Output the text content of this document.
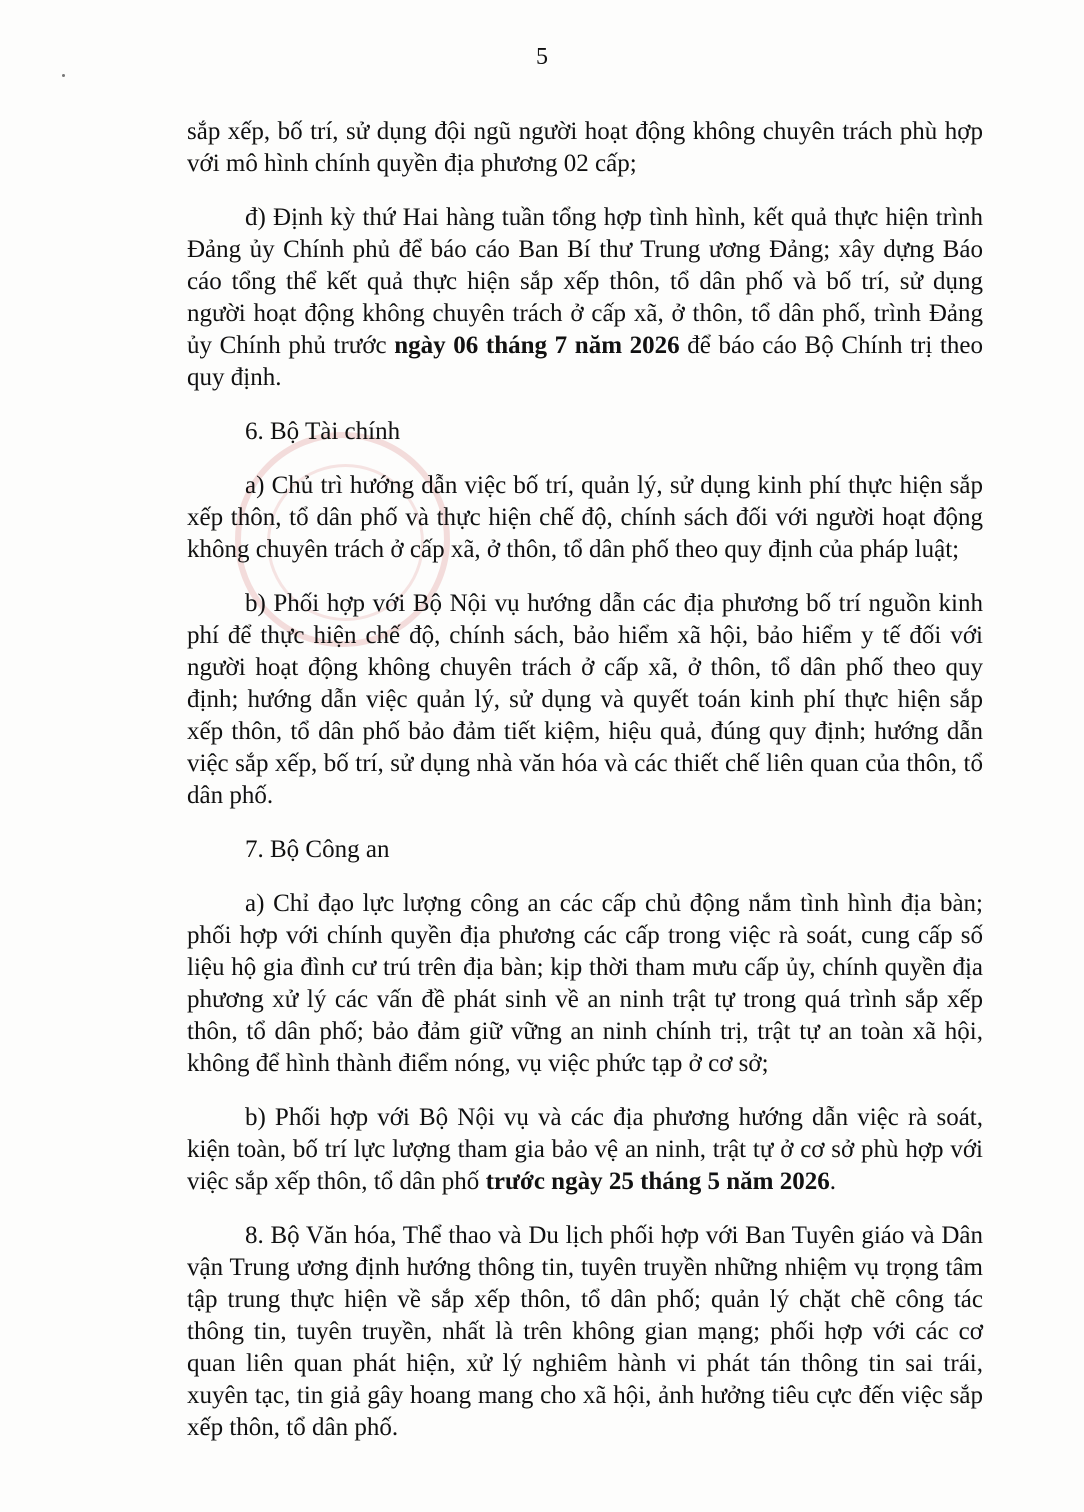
5

sắp xếp, bố trí, sử dụng đội ngũ người hoạt động không chuyên trách phù hợp với mô hình chính quyền địa phương 02 cấp;

đ) Định kỳ thứ Hai hàng tuần tổng hợp tình hình, kết quả thực hiện trình Đảng ủy Chính phủ để báo cáo Ban Bí thư Trung ương Đảng; xây dựng Báo cáo tổng thể kết quả thực hiện sắp xếp thôn, tổ dân phố và bố trí, sử dụng người hoạt động không chuyên trách ở cấp xã, ở thôn, tổ dân phố, trình Đảng ủy Chính phủ trước ngày 06 tháng 7 năm 2026 để báo cáo Bộ Chính trị theo quy định.

6. Bộ Tài chính

a) Chủ trì hướng dẫn việc bố trí, quản lý, sử dụng kinh phí thực hiện sắp xếp thôn, tổ dân phố và thực hiện chế độ, chính sách đối với người hoạt động không chuyên trách ở cấp xã, ở thôn, tổ dân phố theo quy định của pháp luật;

b) Phối hợp với Bộ Nội vụ hướng dẫn các địa phương bố trí nguồn kinh phí để thực hiện chế độ, chính sách, bảo hiểm xã hội, bảo hiểm y tế đối với người hoạt động không chuyên trách ở cấp xã, ở thôn, tổ dân phố theo quy định; hướng dẫn việc quản lý, sử dụng và quyết toán kinh phí thực hiện sắp xếp thôn, tổ dân phố bảo đảm tiết kiệm, hiệu quả, đúng quy định; hướng dẫn việc sắp xếp, bố trí, sử dụng nhà văn hóa và các thiết chế liên quan của thôn, tổ dân phố.

7. Bộ Công an

a) Chỉ đạo lực lượng công an các cấp chủ động nắm tình hình địa bàn; phối hợp với chính quyền địa phương các cấp trong việc rà soát, cung cấp số liệu hộ gia đình cư trú trên địa bàn; kịp thời tham mưu cấp ủy, chính quyền địa phương xử lý các vấn đề phát sinh về an ninh trật tự trong quá trình sắp xếp thôn, tổ dân phố; bảo đảm giữ vững an ninh chính trị, trật tự an toàn xã hội, không để hình thành điểm nóng, vụ việc phức tạp ở cơ sở;

b) Phối hợp với Bộ Nội vụ và các địa phương hướng dẫn việc rà soát, kiện toàn, bố trí lực lượng tham gia bảo vệ an ninh, trật tự ở cơ sở phù hợp với việc sắp xếp thôn, tổ dân phố trước ngày 25 tháng 5 năm 2026.

8. Bộ Văn hóa, Thể thao và Du lịch phối hợp với Ban Tuyên giáo và Dân vận Trung ương định hướng thông tin, tuyên truyền những nhiệm vụ trọng tâm tập trung thực hiện về sắp xếp thôn, tổ dân phố; quản lý chặt chẽ công tác thông tin, tuyên truyền, nhất là trên không gian mạng; phối hợp với các cơ quan liên quan phát hiện, xử lý nghiêm hành vi phát tán thông tin sai trái, xuyên tạc, tin giả gây hoang mang cho xã hội, ảnh hưởng tiêu cực đến việc sắp xếp thôn, tổ dân phố.
